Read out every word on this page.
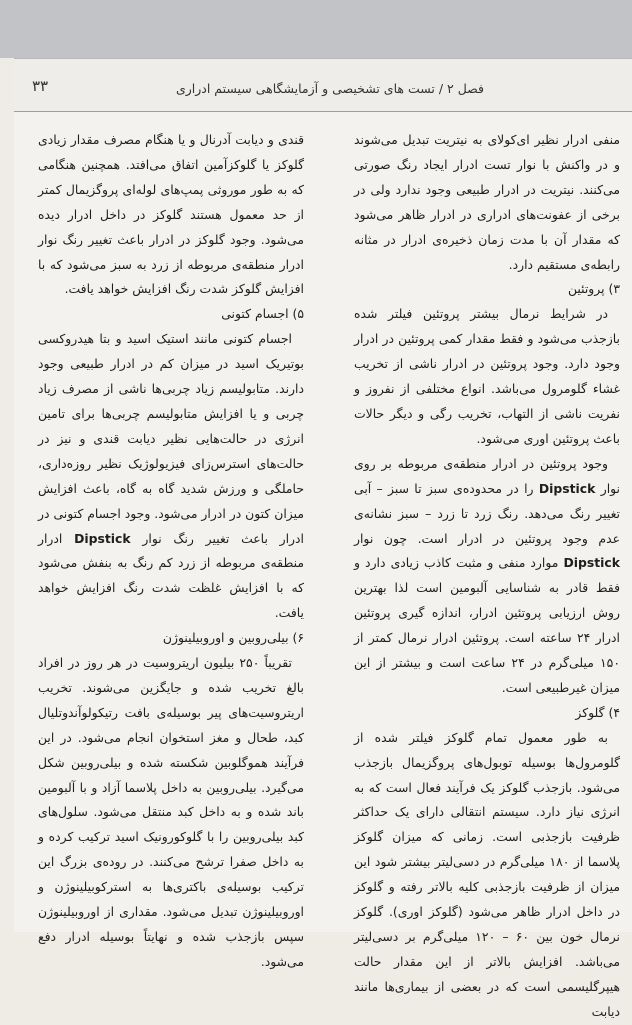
فصل ۲ / تست های تشخیصی و آزمایشگاهی سیستم ادراری
۳۳

منفی ادرار نظیر ای‌کولای به نیتریت تبدیل می‌شوند و در واکنش با نوار تست ادرار ایجاد رنگ صورتی می‌کنند. نیتریت در ادرار طبیعی وجود ندارد ولی در برخی از عفونت‌های ادراری در ادرار ظاهر می‌شود که مقدار آن با مدت زمان ذخیره‌ی ادرار در مثانه رابطه‌ی مستقیم دارد.

۳) پروتئین

در شرایط نرمال بیشتر پروتئین فیلتر شده بازجذب می‌شود و فقط مقدار کمی پروتئین در ادرار وجود دارد. وجود پروتئین در ادرار ناشی از تخریب غشاء گلومرول می‌باشد. انواع مختلفی از نفروز و نفریت ناشی از التهاب، تخریب رگی و دیگر حالات باعث پروتئین اوری می‌شود.

وجود پروتئین در ادرار منطقه‌ی مربوطه بر روی نوار Dipstick را در محدوده‌ی سبز تا سبز – آبی تغییر رنگ می‌دهد. رنگ زرد تا زرد – سبز نشانه‌ی عدم وجود پروتئین در ادرار است. چون نوار Dipstick موارد منفی و مثبت کاذب زیادی دارد و فقط قادر به شناسایی آلبومین است لذا بهترین روش ارزیابی پروتئین ادرار، اندازه گیری پروتئین ادرار ۲۴ ساعته است. پروتئین ادرار نرمال کمتر از ۱۵۰ میلی‌گرم در ۲۴ ساعت است و بیشتر از این میزان غیرطبیعی است.

۴) گلوکز

به طور معمول تمام گلوکز فیلتر شده از گلومرول‌ها بوسیله توبول‌های پروگزیمال بازجذب می‌شود. بازجذب گلوکز یک فرآیند فعال است که به انرژی نیاز دارد. سیستم انتقالی دارای یک حداکثر ظرفیت بازجذبی است. زمانی که میزان گلوکز پلاسما از ۱۸۰ میلی‌گرم در دسی‌لیتر بیشتر شود این میزان از ظرفیت بازجذبی کلیه بالاتر رفته و گلوکز در داخل ادرار ظاهر می‌شود (گلوکز اوری). گلوکز نرمال خون بین ۶۰ – ۱۲۰ میلی‌گرم بر دسی‌لیتر می‌باشد. افزایش بالاتر از این مقدار حالت هیپرگلیسمی است که در بعضی از بیماری‌ها مانند دیابت

قندی و دیابت آدرنال و یا هنگام مصرف مقدار زیادی گلوکز یا گلوکزآمین اتفاق می‌افتد. همچنین هنگامی که به طور موروثی پمپ‌های لوله‌ای پروگزیمال کمتر از حد معمول هستند گلوکز در داخل ادرار دیده می‌شود. وجود گلوکز در ادرار باعث تغییر رنگ نوار ادرار منطقه‌ی مربوطه از زرد به سبز می‌شود که با افزایش گلوکز شدت رنگ افزایش خواهد یافت.

۵) اجسام کتونی

اجسام کتونی مانند استیک اسید و بتا هیدروکسی بوتیریک اسید در میزان کم در ادرار طبیعی وجود دارند. متابولیسم زیاد چربی‌ها ناشی از مصرف زیاد چربی و یا افزایش متابولیسم چربی‌ها برای تامین انرژی در حالت‌هایی نظیر دیابت قندی و نیز در حالت‌های استرس‌زای فیزیولوژیک نظیر روزه‌داری، حاملگی و ورزش شدید گاه به گاه، باعث افزایش میزان کتون در ادرار می‌شود. وجود اجسام کتونی در ادرار باعث تغییر رنگ نوار Dipstick ادرار منطقه‌ی مربوطه از زرد کم رنگ به بنفش می‌شود که با افزایش غلظت شدت رنگ افزایش خواهد یافت.

۶) بیلی‌روبین و اوروبیلینوژن

تقریباً ۲۵۰ بیلیون اریتروسیت در هر روز در افراد بالغ تخریب شده و جایگزین می‌شوند. تخریب اریتروسیت‌های پیر بوسیله‌ی بافت رتیکولوآندوتلیال کبد، طحال و مغز استخوان انجام می‌شود. در این فرآیند هموگلوبین شکسته شده و بیلی‌روبین شکل می‌گیرد. بیلی‌روبین به داخل پلاسما آزاد و با آلبومین باند شده و به داخل کبد منتقل می‌شود. سلول‌های کبد بیلی‌روبین را با گلوکورونیک اسید ترکیب کرده و به داخل صفرا ترشح می‌کنند. در روده‌ی بزرگ این ترکیب بوسیله‌ی باکتری‌ها به استرکوبیلینوژن و اوروبیلینوژن تبدیل می‌شود. مقداری از اوروبیلینوژن سپس بازجذب شده و نهایتاً بوسیله ادرار دفع می‌شود.
